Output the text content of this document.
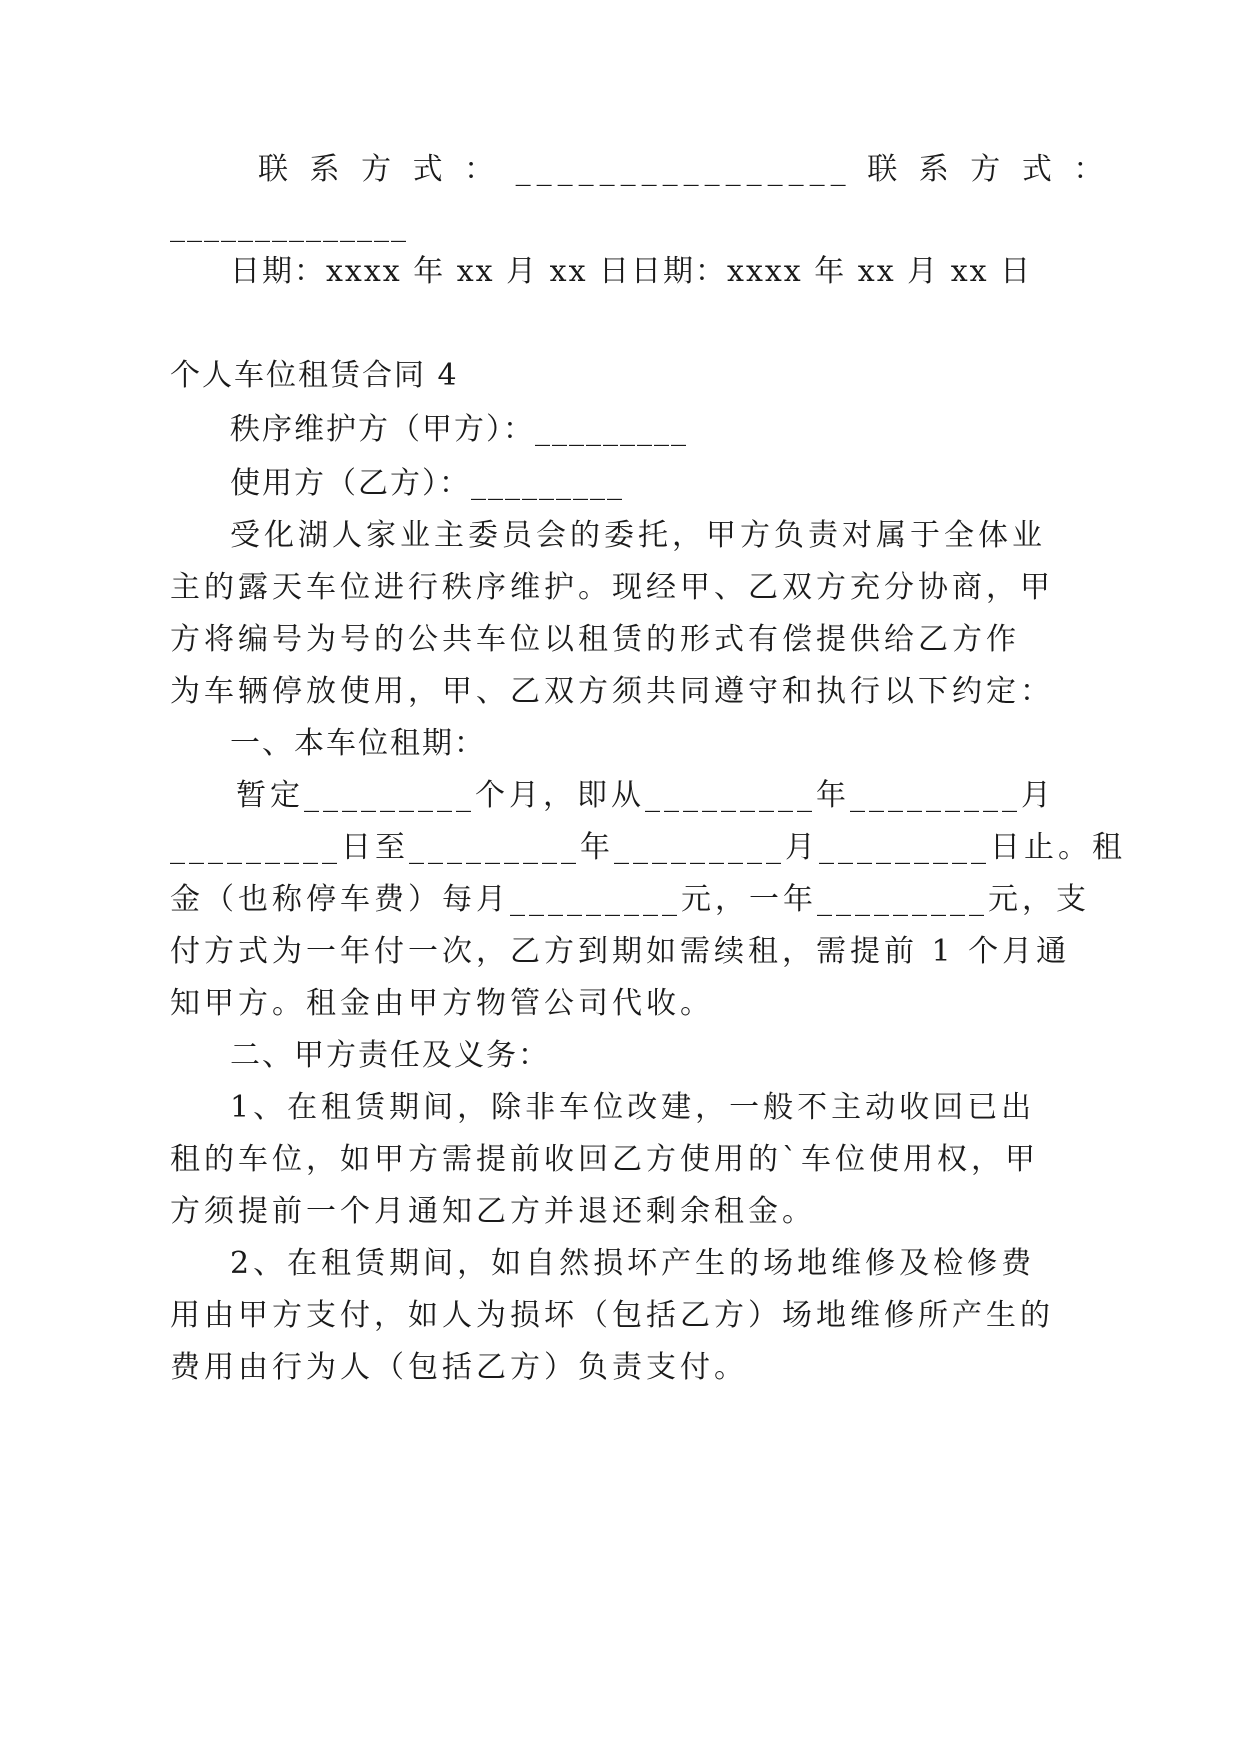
联 系 方 式 ： ________________ 联 系 方 式 ：
______________
日期：xxxx 年 xx 月 xx 日日期：xxxx 年 xx 月 xx 日
个人车位租赁合同 4
秩序维护方（甲方）：_________
使用方（乙方）：_________
受化湖人家业主委员会的委托，甲方负责对属于全体业
主的露天车位进行秩序维护。现经甲、乙双方充分协商，甲
方将编号为号的公共车位以租赁的形式有偿提供给乙方作
为车辆停放使用，甲、乙双方须共同遵守和执行以下约定：
一、本车位租期：
暂定_________个月，即从_________年_________月
_________日至_________年_________月_________日止。租
金（也称停车费）每月_________元，一年_________元，支
付方式为一年付一次，乙方到期如需续租，需提前 1 个月通
知甲方。租金由甲方物管公司代收。
二、甲方责任及义务：
1、在租赁期间，除非车位改建，一般不主动收回已出
租的车位，如甲方需提前收回乙方使用的`车位使用权，甲
方须提前一个月通知乙方并退还剩余租金。
2、在租赁期间，如自然损坏产生的场地维修及检修费
用由甲方支付，如人为损坏（包括乙方）场地维修所产生的
费用由行为人（包括乙方）负责支付。
